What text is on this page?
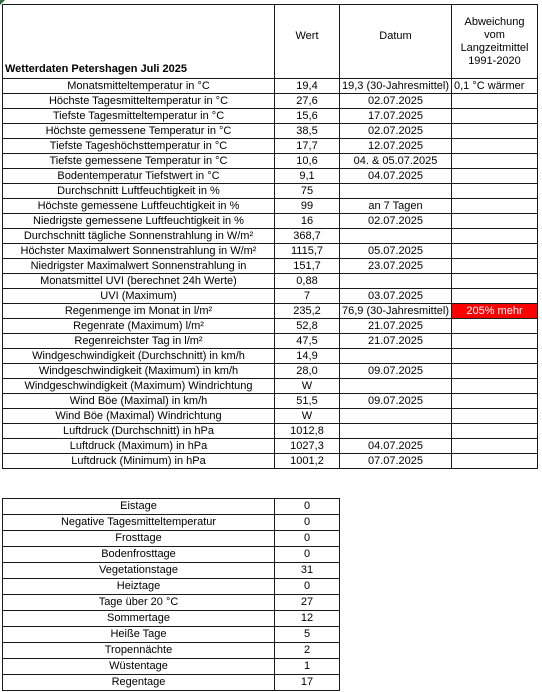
Wetterdaten Petershagen Juli 2025	Wert	Datum	Abweichung vom Langzeitmittel 1991-2020
Monatsmitteltemperatur in °C	19,4	19,3 (30-Jahresmittel)	0,1 °C wärmer
Höchste Tagesmitteltemperatur in °C	27,6	02.07.2025	
Tiefste Tagesmitteltemperatur in °C	15,6	17.07.2025	
Höchste gemessene Temperatur in °C	38,5	02.07.2025	
Tiefste Tageshöchsttemperatur in °C	17,7	12.07.2025	
Tiefste gemessene Temperatur in °C	10,6	04. & 05.07.2025	
Bodentemperatur Tiefstwert in °C	9,1	04.07.2025	
Durchschnitt Luftfeuchtigkeit in %	75		
Höchste gemessene Luftfeuchtigkeit in %	99	an 7 Tagen	
Niedrigste gemessene Luftfeuchtigkeit in %	16	02.07.2025	
Durchschnitt tägliche Sonnenstrahlung in W/m²	368,7		
Höchster Maximalwert Sonnenstrahlung in W/m²	1115,7	05.07.2025	
Niedrigster Maximalwert Sonnenstrahlung in	151,7	23.07.2025	
Monatsmittel UVI (berechnet 24h Werte)	0,88		
UVI (Maximum)	7	03.07.2025	
Regenmenge im Monat in l/m²	235,2	76,9 (30-Jahresmittel)	205% mehr
Regenrate (Maximum) l/m²	52,8	21.07.2025	
Regenreichster Tag in l/m²	47,5	21.07.2025	
Windgeschwindigkeit (Durchschnitt) in km/h	14,9		
Windgeschwindigkeit (Maximum) in km/h	28,0	09.07.2025	
Windgeschwindigkeit (Maximum) Windrichtung	W		
Wind Böe (Maximal) in km/h	51,5	09.07.2025	
Wind Böe (Maximal) Windrichtung	W		
Luftdruck (Durchschnitt) in hPa	1012,8		
Luftdruck (Maximum) in hPa	1027,3	04.07.2025	
Luftdruck (Minimum) in hPa	1001,2	07.07.2025	
Eistage	0
Negative Tagesmitteltemperatur	0
Frosttage	0
Bodenfrosttage	0
Vegetationstage	31
Heiztage	0
Tage über 20 °C	27
Sommertage	12
Heiße Tage	5
Tropennächte	2
Wüstentage	1
Regentage	17
